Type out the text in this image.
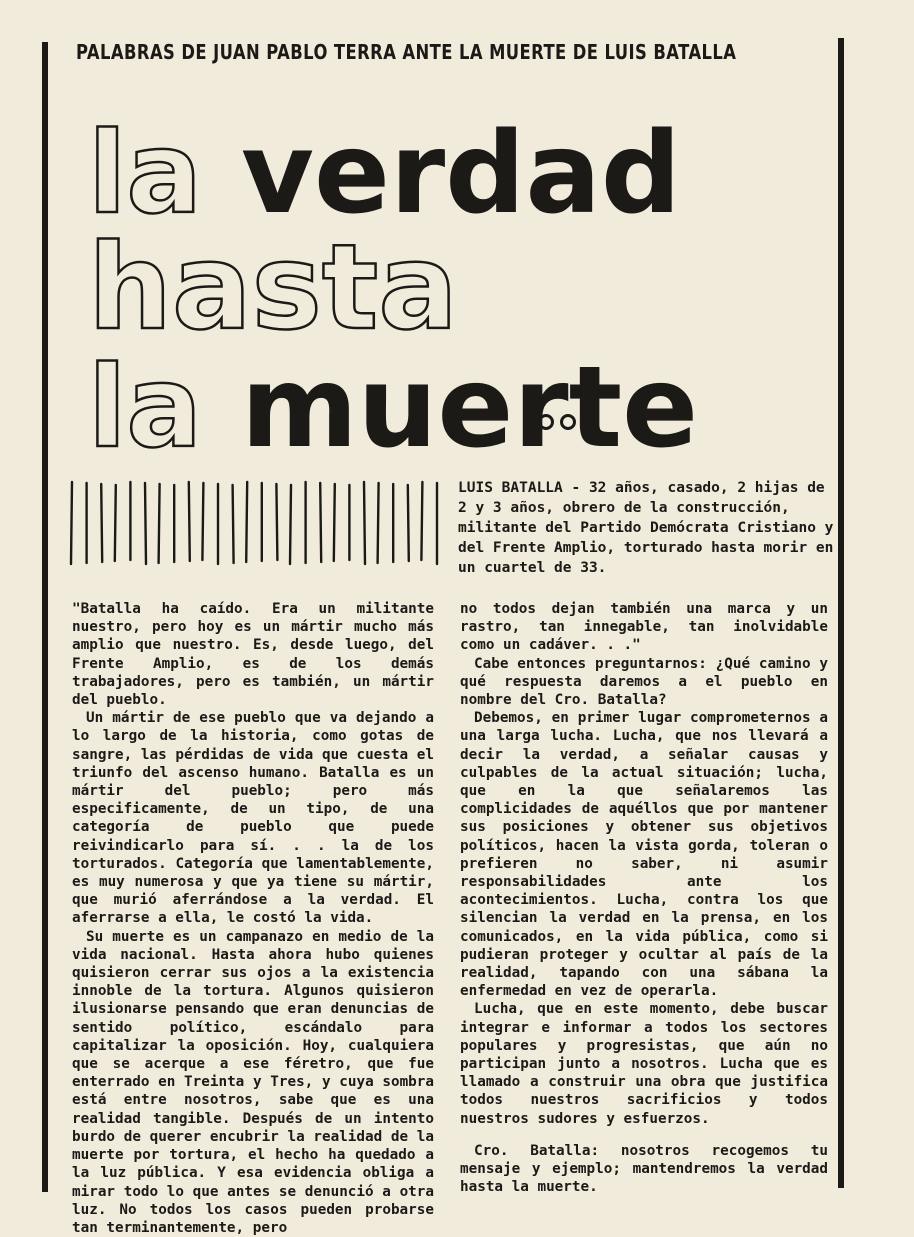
PALABRAS DE JUAN PABLO TERRA ANTE LA MUERTE DE LUIS BATALLA
la verdad
hasta
la muerte
LUIS BATALLA - 32 años, casado, 2 hijas de 2 y 3 años, obrero de la construcción, militante del Partido Demócrata Cristiano y del Frente Amplio, torturado hasta morir en un cuartel de 33.

"Batalla ha caído. Era un militante nuestro, pero hoy es un mártir mucho más amplio que nuestro. Es, desde luego, del Frente Amplio, es de los demás trabajadores, pero es también, un mártir del pueblo.

Un mártir de ese pueblo que va dejando a lo largo de la historia, como gotas de sangre, las pérdidas de vida que cuesta el triunfo del ascenso humano. Batalla es un mártir del pueblo; pero más especificamente, de un tipo, de una categoría de pueblo que puede reivindicarlo para sí. . . la de los torturados. Categoría que lamentablemente, es muy numerosa y que ya tiene su mártir, que murió aferrándose a la verdad. El aferrarse a ella, le costó la vida.

Su muerte es un campanazo en medio de la vida nacional. Hasta ahora hubo quienes quisieron cerrar sus ojos a la existencia innoble de la tortura. Algunos quisieron ilusionarse pensando que eran denuncias de sentido político, escándalo para capitalizar la oposición. Hoy, cualquiera que se acerque a ese féretro, que fue enterrado en Treinta y Tres, y cuya sombra está entre nosotros, sabe que es una realidad tangible. Después de un intento burdo de querer encubrir la realidad de la muerte por tortura, el hecho ha quedado a la luz pública. Y esa evidencia obliga a mirar todo lo que antes se denunció a otra luz. No todos los casos pueden probarse tan terminantemente, pero

no todos dejan también una marca y un rastro, tan innegable, tan inolvidable como un cadáver. . ."

Cabe entonces preguntarnos: ¿Qué camino y qué respuesta daremos a el pueblo en nombre del Cro. Batalla?

Debemos, en primer lugar comprometernos a una larga lucha. Lucha, que nos llevará a decir la verdad, a señalar causas y culpables de la actual situación; lucha, que en la que señalaremos las complicidades de aquéllos que por mantener sus posiciones y obtener sus objetivos políticos, hacen la vista gorda, toleran o prefieren no saber, ni asumir responsabilidades ante los acontecimientos. Lucha, contra los que silencian la verdad en la prensa, en los comunicados, en la vida pública, como si pudieran proteger y ocultar al país de la realidad, tapando con una sábana la enfermedad en vez de operarla.

Lucha, que en este momento, debe buscar integrar e informar a todos los sectores populares y progresistas, que aún no participan junto a nosotros. Lucha que es llamado a construir una obra que justifica todos nuestros sacrificios y todos nuestros sudores y esfuerzos.

Cro. Batalla: nosotros recogemos tu mensaje y ejemplo; mantendremos la verdad hasta la muerte.
